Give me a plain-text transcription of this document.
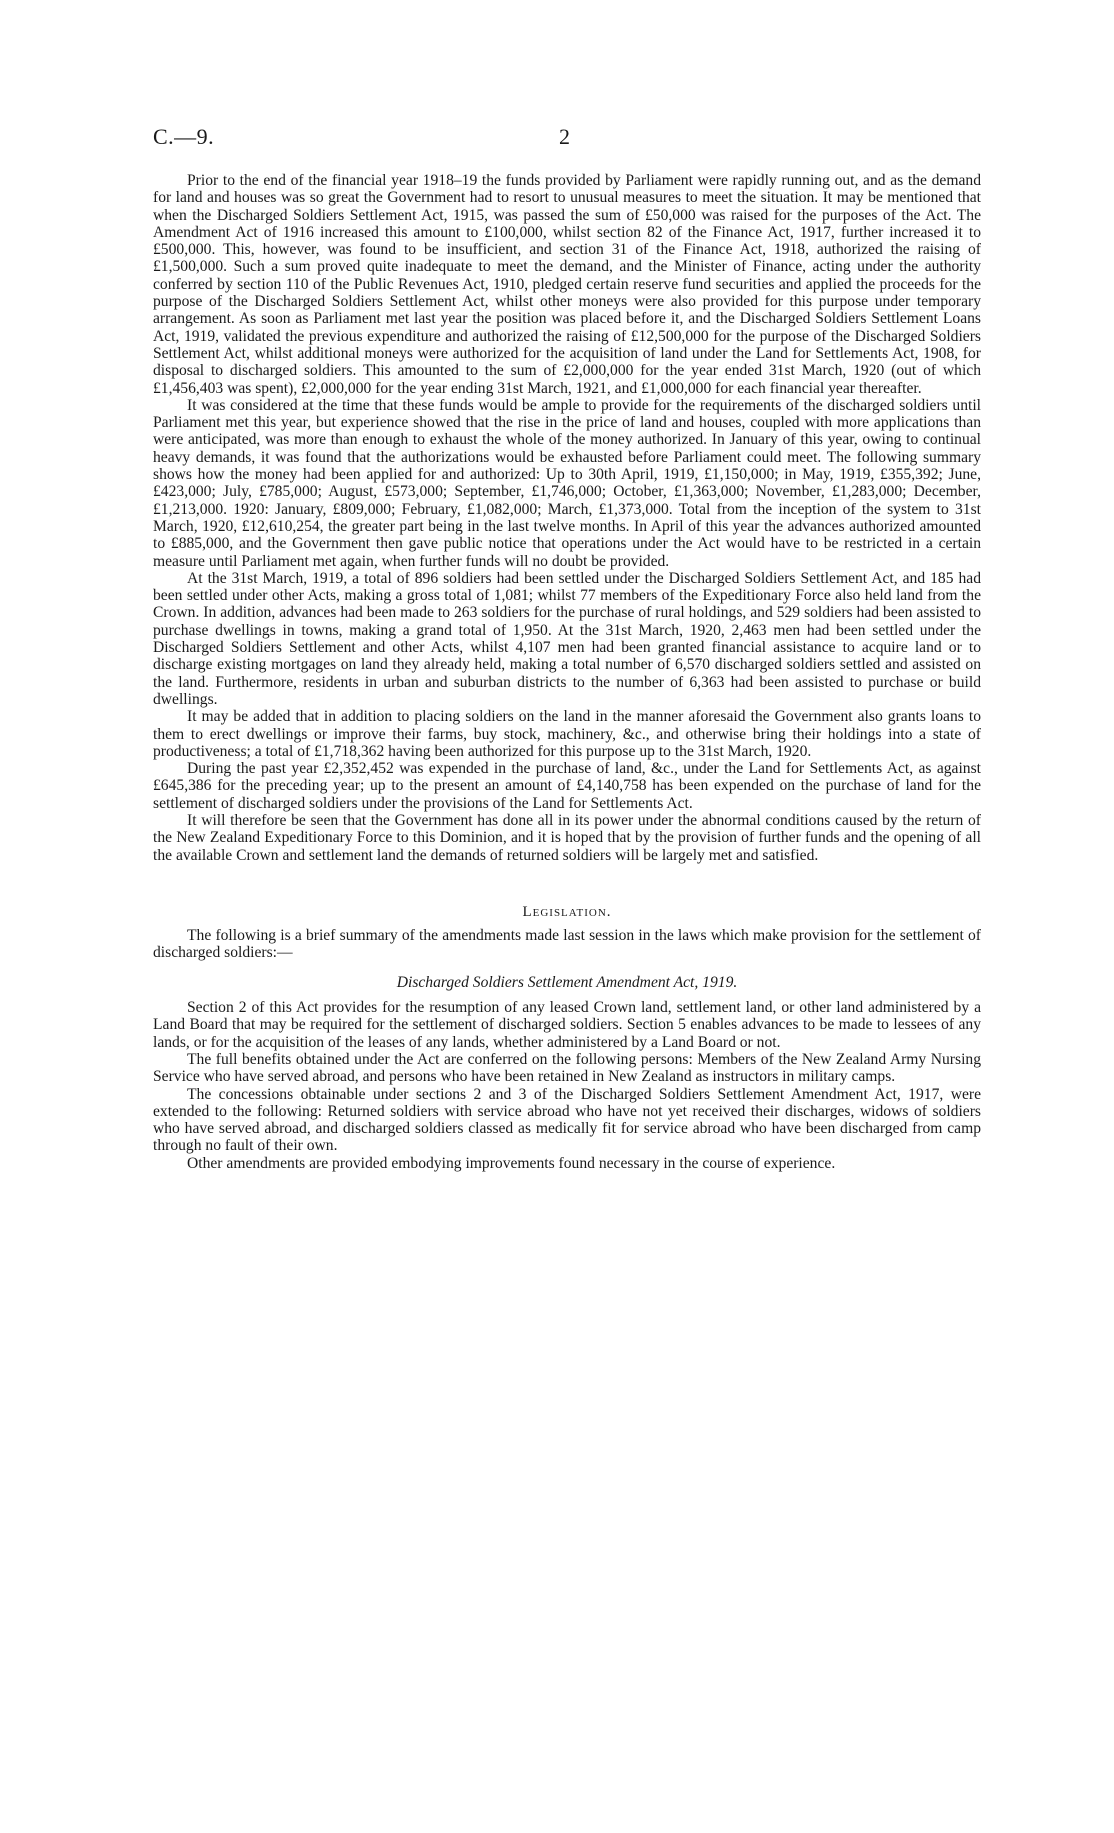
C.—9.	2

Prior to the end of the financial year 1918–19 the funds provided by Parliament were rapidly running out, and as the demand for land and houses was so great the Government had to resort to unusual measures to meet the situation. It may be mentioned that when the Discharged Soldiers Settlement Act, 1915, was passed the sum of £50,000 was raised for the purposes of the Act. The Amendment Act of 1916 increased this amount to £100,000, whilst section 82 of the Finance Act, 1917, further increased it to £500,000. This, however, was found to be insufficient, and section 31 of the Finance Act, 1918, authorized the raising of £1,500,000. Such a sum proved quite inadequate to meet the demand, and the Minister of Finance, acting under the authority conferred by section 110 of the Public Revenues Act, 1910, pledged certain reserve fund securities and applied the proceeds for the purpose of the Discharged Soldiers Settlement Act, whilst other moneys were also provided for this purpose under temporary arrangement. As soon as Parliament met last year the position was placed before it, and the Discharged Soldiers Settlement Loans Act, 1919, validated the previous expenditure and authorized the raising of £12,500,000 for the purpose of the Discharged Soldiers Settlement Act, whilst additional moneys were authorized for the acquisition of land under the Land for Settlements Act, 1908, for disposal to discharged soldiers. This amounted to the sum of £2,000,000 for the year ended 31st March, 1920 (out of which £1,456,403 was spent), £2,000,000 for the year ending 31st March, 1921, and £1,000,000 for each financial year thereafter.

It was considered at the time that these funds would be ample to provide for the requirements of the discharged soldiers until Parliament met this year, but experience showed that the rise in the price of land and houses, coupled with more applications than were anticipated, was more than enough to exhaust the whole of the money authorized. In January of this year, owing to continual heavy demands, it was found that the authorizations would be exhausted before Parliament could meet. The following summary shows how the money had been applied for and authorized: Up to 30th April, 1919, £1,150,000; in May, 1919, £355,392; June, £423,000; July, £785,000; August, £573,000; September, £1,746,000; October, £1,363,000; November, £1,283,000; December, £1,213,000. 1920: January, £809,000; February, £1,082,000; March, £1,373,000. Total from the inception of the system to 31st March, 1920, £12,610,254, the greater part being in the last twelve months. In April of this year the advances authorized amounted to £885,000, and the Government then gave public notice that operations under the Act would have to be restricted in a certain measure until Parliament met again, when further funds will no doubt be provided.

At the 31st March, 1919, a total of 896 soldiers had been settled under the Discharged Soldiers Settlement Act, and 185 had been settled under other Acts, making a gross total of 1,081; whilst 77 members of the Expeditionary Force also held land from the Crown. In addition, advances had been made to 263 soldiers for the purchase of rural holdings, and 529 soldiers had been assisted to purchase dwellings in towns, making a grand total of 1,950. At the 31st March, 1920, 2,463 men had been settled under the Discharged Soldiers Settlement and other Acts, whilst 4,107 men had been granted financial assistance to acquire land or to discharge existing mortgages on land they already held, making a total number of 6,570 discharged soldiers settled and assisted on the land. Furthermore, residents in urban and suburban districts to the number of 6,363 had been assisted to purchase or build dwellings.

It may be added that in addition to placing soldiers on the land in the manner aforesaid the Government also grants loans to them to erect dwellings or improve their farms, buy stock, machinery, &c., and otherwise bring their holdings into a state of productiveness; a total of £1,718,362 having been authorized for this purpose up to the 31st March, 1920.

During the past year £2,352,452 was expended in the purchase of land, &c., under the Land for Settlements Act, as against £645,386 for the preceding year; up to the present an amount of £4,140,758 has been expended on the purchase of land for the settlement of discharged soldiers under the provisions of the Land for Settlements Act.

It will therefore be seen that the Government has done all in its power under the abnormal conditions caused by the return of the New Zealand Expeditionary Force to this Dominion, and it is hoped that by the provision of further funds and the opening of all the available Crown and settlement land the demands of returned soldiers will be largely met and satisfied.

Legislation.

The following is a brief summary of the amendments made last session in the laws which make provision for the settlement of discharged soldiers:—

Discharged Soldiers Settlement Amendment Act, 1919.

Section 2 of this Act provides for the resumption of any leased Crown land, settlement land, or other land administered by a Land Board that may be required for the settlement of discharged soldiers. Section 5 enables advances to be made to lessees of any lands, or for the acquisition of the leases of any lands, whether administered by a Land Board or not.

The full benefits obtained under the Act are conferred on the following persons: Members of the New Zealand Army Nursing Service who have served abroad, and persons who have been retained in New Zealand as instructors in military camps.

The concessions obtainable under sections 2 and 3 of the Discharged Soldiers Settlement Amendment Act, 1917, were extended to the following: Returned soldiers with service abroad who have not yet received their discharges, widows of soldiers who have served abroad, and discharged soldiers classed as medically fit for service abroad who have been discharged from camp through no fault of their own.

Other amendments are provided embodying improvements found necessary in the course of experience.
